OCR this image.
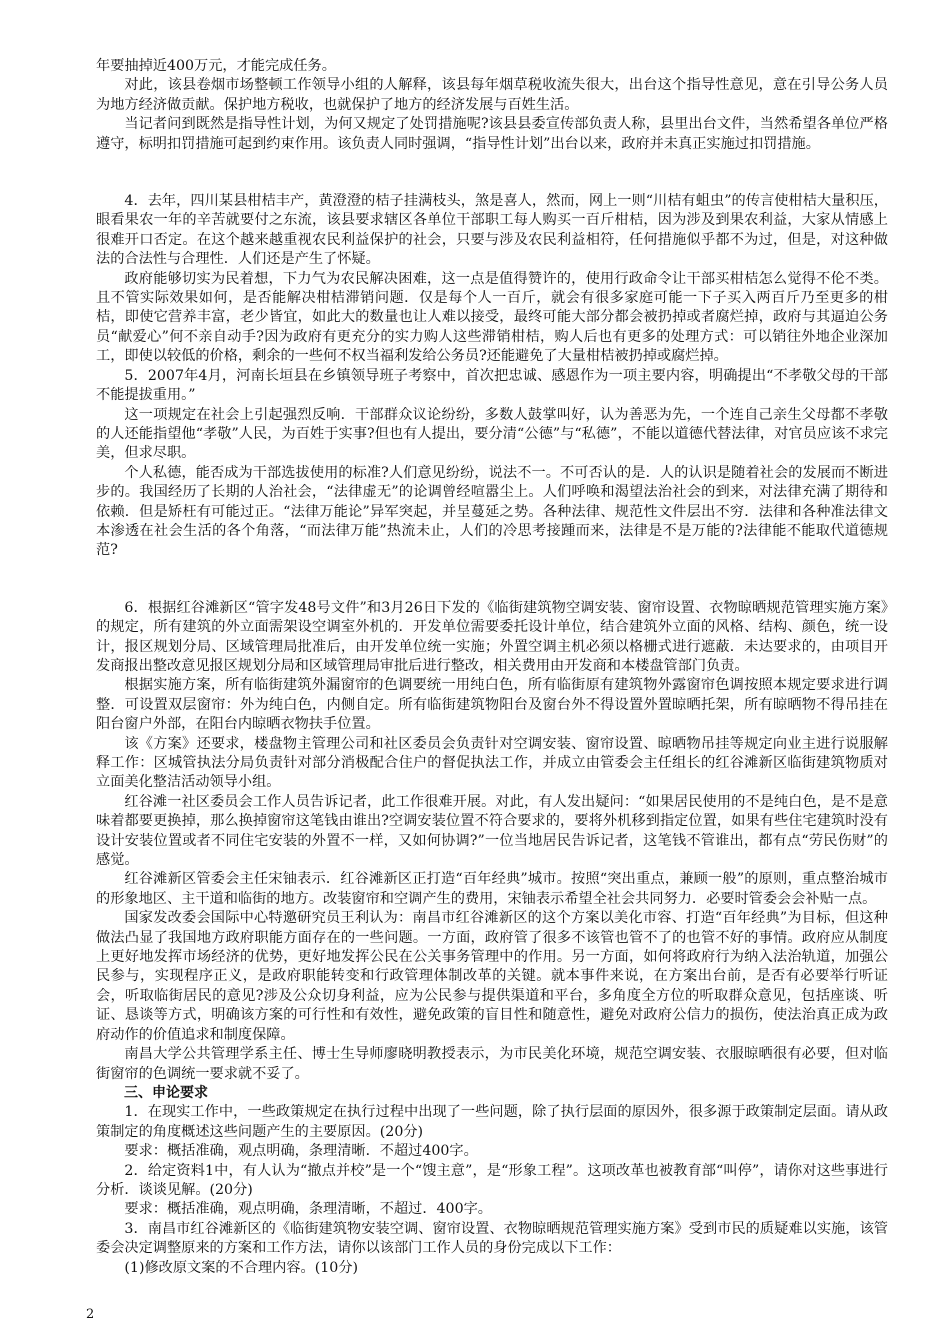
年要抽掉近400万元，才能完成任务。

对此，该县卷烟市场整顿工作领导小组的人解释，该县每年烟草税收流失很大，出台这个指导性意见，意在引导公务人员为地方经济做贡献。保护地方税收，也就保护了地方的经济发展与百姓生活。

当记者问到既然是指导性计划，为何又规定了处罚措施呢?该县县委宣传部负责人称，县里出台文件，当然希望各单位严格遵守，标明扣罚措施可起到约束作用。该负责人同时强调，“指导性计划”出台以来，政府并未真正实施过扣罚措施。

4．去年，四川某县柑桔丰产，黄澄澄的桔子挂满枝头，煞是喜人，然而，网上一则“川桔有蛆虫”的传言使柑桔大量积压，眼看果农一年的辛苦就要付之东流，该县要求辖区各单位干部职工每人购买一百斤柑桔，因为涉及到果农利益，大家从情感上很难开口否定。在这个越来越重视农民利益保护的社会，只要与涉及农民利益相符，任何措施似乎都不为过，但是，对这种做法的合法性与合理性．人们还是产生了怀疑。

政府能够切实为民着想，下力气为农民解决困难，这一点是值得赞许的，使用行政命令让干部买柑桔怎么觉得不伦不类。且不管实际效果如何，是否能解决柑桔滞销问题．仅是每个人一百斤，就会有很多家庭可能一下子买入两百斤乃至更多的柑桔，即使它营养丰富，老少皆宜，如此大的数量也让人难以接受，最终可能大部分都会被扔掉或者腐烂掉，政府与其逼迫公务员“献爱心”何不亲自动手?因为政府有更充分的实力购人这些滞销柑桔，购人后也有更多的处理方式：可以销往外地企业深加工，即使以较低的价格，剩余的一些何不权当福利发给公务员?还能避免了大量柑桔被扔掉或腐烂掉。

5．2007年4月，河南长垣县在乡镇领导班子考察中，首次把忠诚、感恩作为一项主要内容，明确提出“不孝敬父母的干部不能提拔重用。”

这一项规定在社会上引起强烈反响．干部群众议论纷纷，多数人鼓掌叫好，认为善恶为先，一个连自己亲生父母都不孝敬的人还能指望他“孝敬”人民，为百姓于实事?但也有人提出，要分清“公德”与“私德”，不能以道德代替法律，对官员应该不求完美，但求尽职。

个人私德，能否成为干部选拔使用的标准?人们意见纷纷，说法不一。不可否认的是．人的认识是随着社会的发展而不断进步的。我国经历了长期的人治社会，“法律虚无”的论调曾经喧嚣尘上。人们呼唤和渴望法治社会的到来，对法律充满了期待和依赖．但是矫枉有可能过正。“法律万能论”异军突起，并呈蔓延之势。各种法律、规范性文件层出不穷．法律和各种准法律文本渗透在社会生活的各个角落，“而法律万能”热流未止，人们的冷思考接踵而来，法律是不是万能的?法律能不能取代道德规范?

6．根据红谷滩新区“管字发48号文件”和3月26日下发的《临街建筑物空调安装、窗帘设置、衣物晾晒规范管理实施方案》的规定，所有建筑的外立面需架设空调室外机的．开发单位需要委托设计单位，结合建筑外立面的风格、结构、颜色，统一设计，报区规划分局、区域管理局批准后，由开发单位统一实施；外置空调主机必须以格栅式进行遮蔽．未达要求的，由项目开发商报出整改意见报区规划分局和区域管理局审批后进行整改，相关费用由开发商和本楼盘管部门负责。

根据实施方案，所有临街建筑外漏窗帘的色调要统一用纯白色，所有临街原有建筑物外露窗帘色调按照本规定要求进行调整．可设置双层窗帘：外为纯白色，内侧自定。所有临街建筑物阳台及窗台外不得设置外置晾晒托架，所有晾晒物不得吊挂在阳台窗户外部，在阳台内晾晒衣物扶手位置。

该《方案》还要求，楼盘物主管理公司和社区委员会负责针对空调安装、窗帘设置、晾晒物吊挂等规定向业主进行说服解释工作：区城管执法分局负责针对部分消极配合住户的督促执法工作，并成立由管委会主任组长的红谷滩新区临街建筑物质对立面美化整洁活动领导小组。

红谷滩一社区委员会工作人员告诉记者，此工作很难开展。对此，有人发出疑问：“如果居民使用的不是纯白色，是不是意味着都要更换掉，那么换掉窗帘这笔钱由谁出?空调安装位置不符合要求的，要将外机移到指定位置，如果有些住宅建筑时没有设计安装位置或者不同住宅安装的外置不一样，又如何协调?”一位当地居民告诉记者，这笔钱不管谁出，都有点“劳民伤财”的感觉。

红谷滩新区管委会主任宋铀表示．红谷滩新区正打造“百年经典”城市。按照“突出重点，兼顾一般”的原则，重点整治城市的形象地区、主干道和临街的地方。改装窗帘和空调产生的费用，宋铀表示希望全社会共同努力．必要时管委会会补贴一点。

国家发改委会国际中心特邀研究员王利认为：南昌市红谷滩新区的这个方案以美化市容、打造“百年经典”为目标，但这种做法凸显了我国地方政府职能方面存在的一些问题。一方面，政府管了很多不该管也管不了的也管不好的事情。政府应从制度上更好地发挥市场经济的优势，更好地发挥公民在公关事务管理中的作用。另一方面，如何将政府行为纳入法治轨道，加强公民参与，实现程序正义，是政府职能转变和行政管理体制改革的关键。就本事件来说，在方案出台前，是否有必要举行听证会，听取临街居民的意见?涉及公众切身利益，应为公民参与提供渠道和平台，多角度全方位的听取群众意见，包括座谈、听证、恳谈等方式，明确该方案的可行性和有效性，避免政策的盲目性和随意性，避免对政府公信力的损伤，使法治真正成为政府动作的价值追求和制度保障。

南昌大学公共管理学系主任、博士生导师廖晓明教授表示，为市民美化环境，规范空调安装、衣服晾晒很有必要，但对临街窗帘的色调统一要求就不妥了。

三、申论要求

1．在现实工作中，一些政策规定在执行过程中出现了一些问题，除了执行层面的原因外，很多源于政策制定层面。请从政策制定的角度概述这些问题产生的主要原因。(20分)

要求：概括准确，观点明确，条理清晰．不超过400字。

2．给定资料1中，有人认为“撤点并校”是一个“馊主意”，是“形象工程”。这项改革也被教育部“叫停”，请你对这些事进行分析．谈谈见解。(20分)

要求：概括准确，观点明确，条理清晰，不超过．400字。

3．南昌市红谷滩新区的《临街建筑物安装空调、窗帘设置、衣物晾晒规范管理实施方案》受到市民的质疑难以实施，该管委会决定调整原来的方案和工作方法，请你以该部门工作人员的身份完成以下工作：

(1)修改原文案的不合理内容。(10分)

2
